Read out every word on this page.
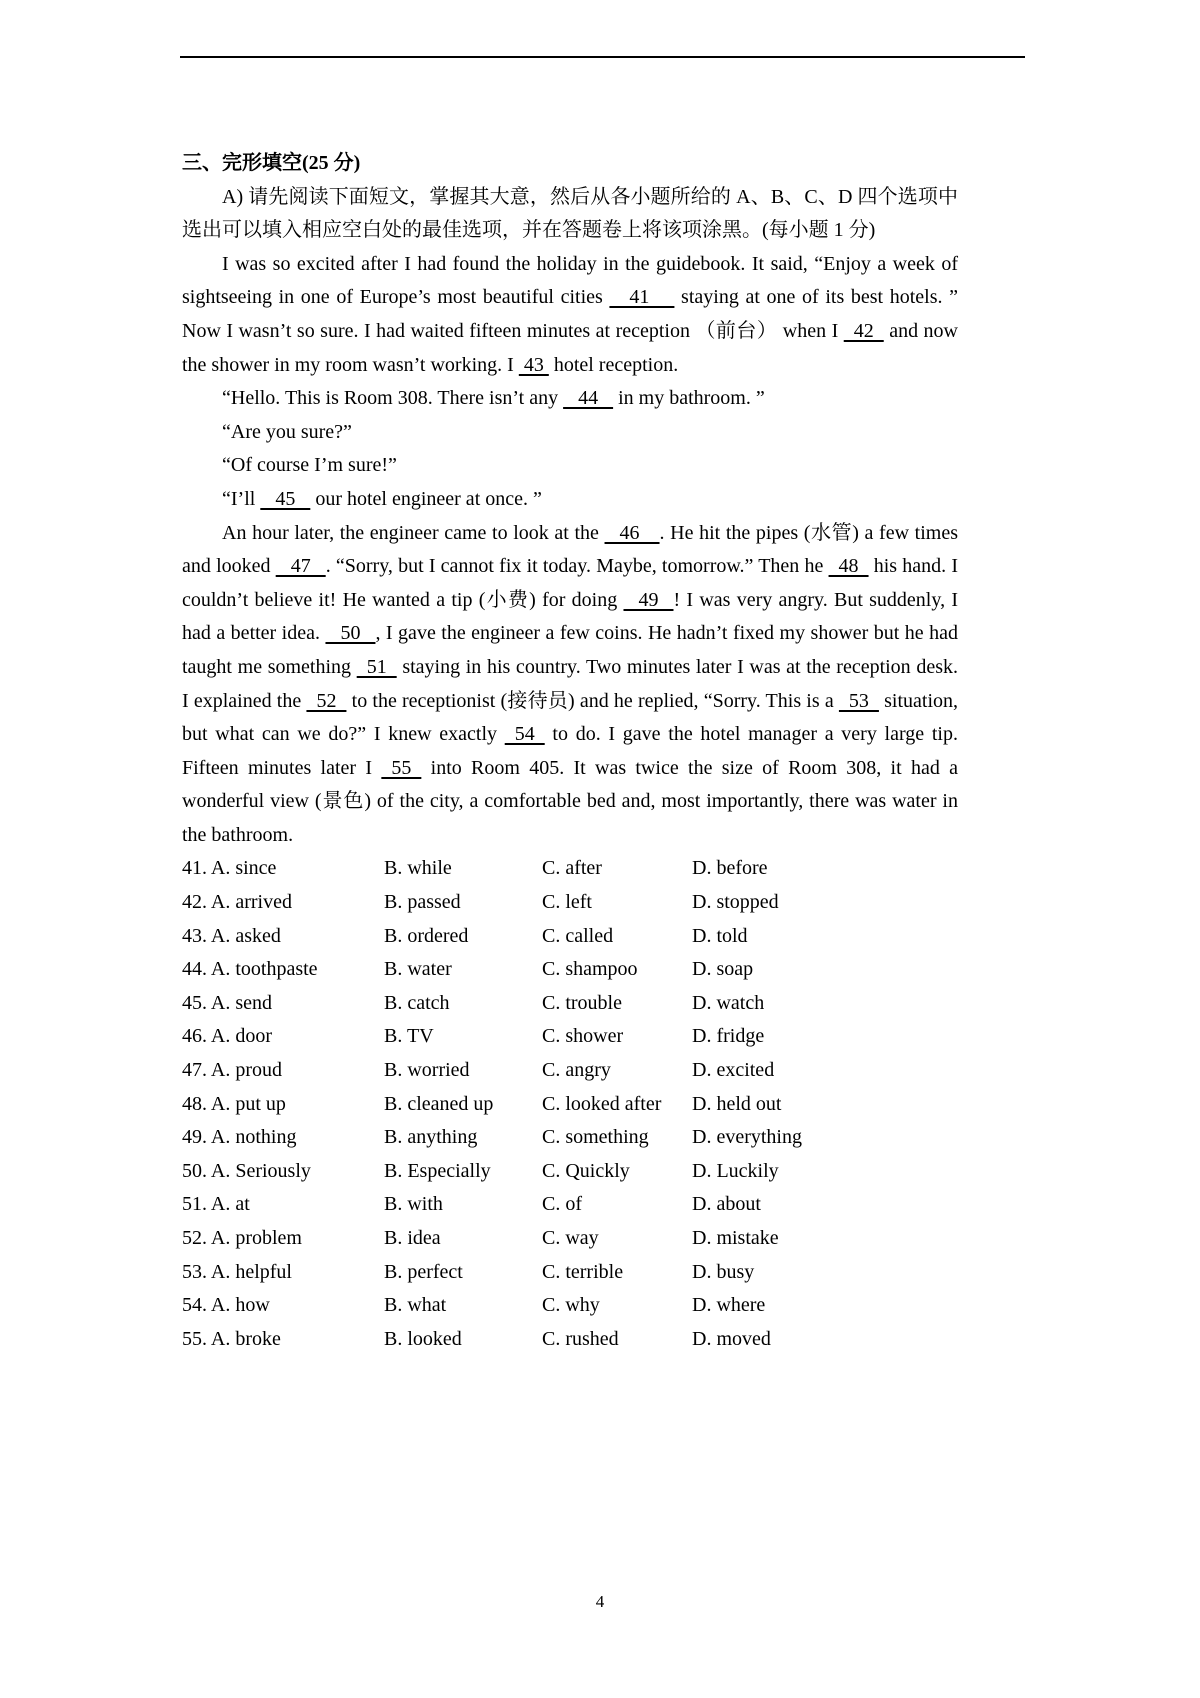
三、完形填空(25 分)
A) 请先阅读下面短文，掌握其大意，然后从各小题所给的 A、B、C、D 四个选项中选出可以填入相应空白处的最佳选项，并在答题卷上将该项涂黑。(每小题 1 分)
I was so excited after I had found the holiday in the guidebook. It said, “Enjoy a week of sightseeing in one of Europe’s most beautiful cities     41      staying at one of its best hotels. ” Now I wasn’t so sure. I had waited fifteen minutes at reception （前台） when I   42   and now the shower in my room wasn’t working. I  43  hotel reception.
“Hello. This is Room 308. There isn’t any    44    in my bathroom. ”
“Are you sure?”
“Of course I’m sure!”
“I’ll    45    our hotel engineer at once. ”
An hour later, the engineer came to look at the    46    . He hit the pipes (水管) a few times and looked    47   . “Sorry, but I cannot fix it today. Maybe, tomorrow.” Then he   48   his hand. I couldn’t believe it! He wanted a tip (小费) for doing    49   ! I was very angry. But suddenly, I had a better idea.    50   , I gave the engineer a few coins. He hadn’t fixed my shower but he had taught me something   51   staying in his country. Two minutes later I was at the reception desk. I explained the   52   to the receptionist (接待员) and he replied, “Sorry. This is a   53   situation, but what can we do?” I knew exactly   54   to do. I gave the hotel manager a very large tip. Fifteen minutes later I   55   into Room 405. It was twice the size of Room 308, it had a wonderful view (景色) of the city, a comfortable bed and, most importantly, there was water in the bathroom.
41. A. since	B. while	C. after	D. before
42. A. arrived	B. passed	C. left	D. stopped
43. A. asked	B. ordered	C. called	D. told
44. A. toothpaste	B. water	C. shampoo	D. soap
45. A. send	B. catch	C. trouble	D. watch
46. A. door	B. TV	C. shower	D. fridge
47. A. proud	B. worried	C. angry	D. excited
48. A. put up	B. cleaned up	C. looked after	D. held out
49. A. nothing	B. anything	C. something	D. everything
50. A. Seriously	B. Especially	C. Quickly	D. Luckily
51. A. at	B. with	C. of	D. about
52. A. problem	B. idea	C. way	D. mistake
53. A. helpful	B. perfect	C. terrible	D. busy
54. A. how	B. what	C. why	D. where
55. A. broke	B. looked	C. rushed	D. moved
4
